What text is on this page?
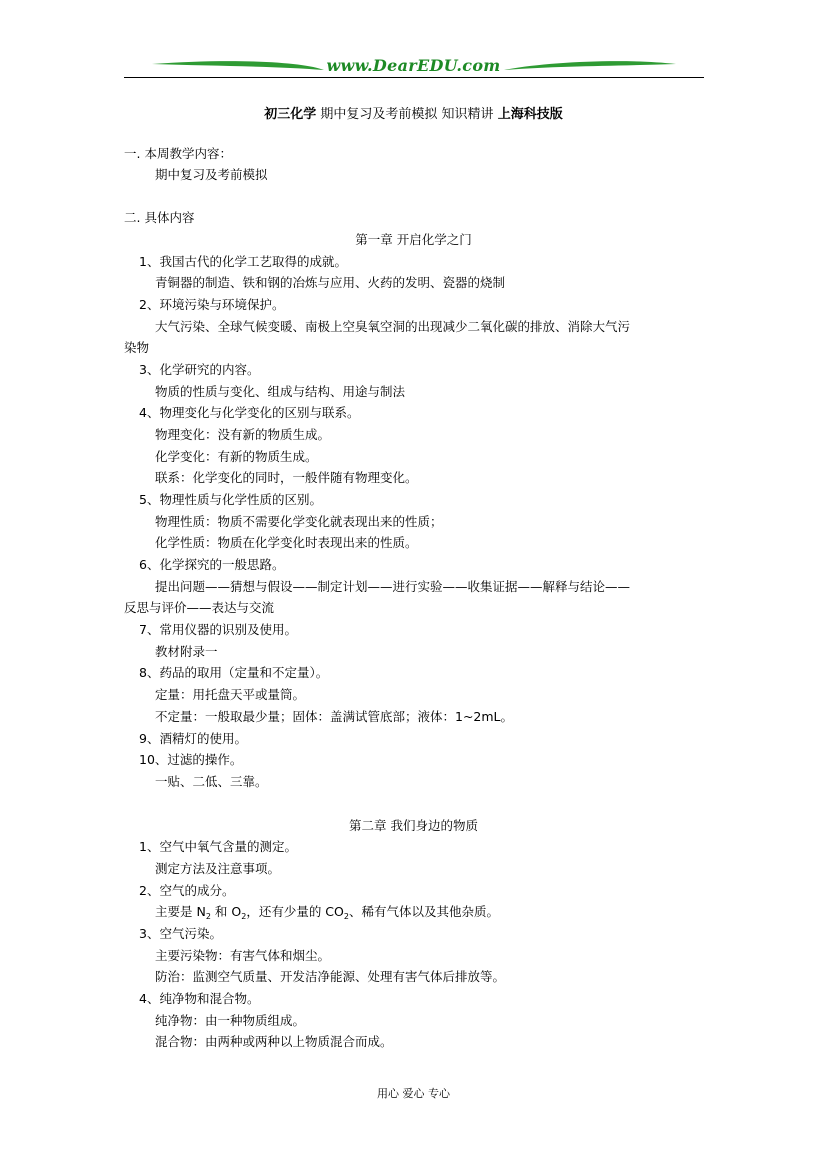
www.DearEDU.com
初三化学 期中复习及考前模拟 知识精讲 上海科技版
一. 本周教学内容：
期中复习及考前模拟
二. 具体内容
第一章 开启化学之门
1、我国古代的化学工艺取得的成就。
青铜器的制造、铁和钢的冶炼与应用、火药的发明、瓷器的烧制
2、环境污染与环境保护。
大气污染、全球气候变暖、南极上空臭氧空洞的出现减少二氧化碳的排放、消除大气污
染物
3、化学研究的内容。
物质的性质与变化、组成与结构、用途与制法
4、物理变化与化学变化的区别与联系。
物理变化：没有新的物质生成。
化学变化：有新的物质生成。
联系：化学变化的同时，一般伴随有物理变化。
5、物理性质与化学性质的区别。
物理性质：物质不需要化学变化就表现出来的性质；
化学性质：物质在化学变化时表现出来的性质。
6、化学探究的一般思路。
提出问题——猜想与假设——制定计划——进行实验——收集证据——解释与结论——
反思与评价——表达与交流
7、常用仪器的识别及使用。
教材附录一
8、药品的取用（定量和不定量）。
定量：用托盘天平或量筒。
不定量：一般取最少量；固体：盖满试管底部；液体：1~2mL。
9、酒精灯的使用。
10、过滤的操作。
一贴、二低、三靠。
第二章 我们身边的物质
1、空气中氧气含量的测定。
测定方法及注意事项。
2、空气的成分。
主要是 $N_2$ 和 $O_2$，还有少量的 $CO_2$、稀有气体以及其他杂质。
3、空气污染。
主要污染物：有害气体和烟尘。
防治：监测空气质量、开发洁净能源、处理有害气体后排放等。
4、纯净物和混合物。
纯净物：由一种物质组成。
混合物：由两种或两种以上物质混合而成。
用心 爱心 专心
